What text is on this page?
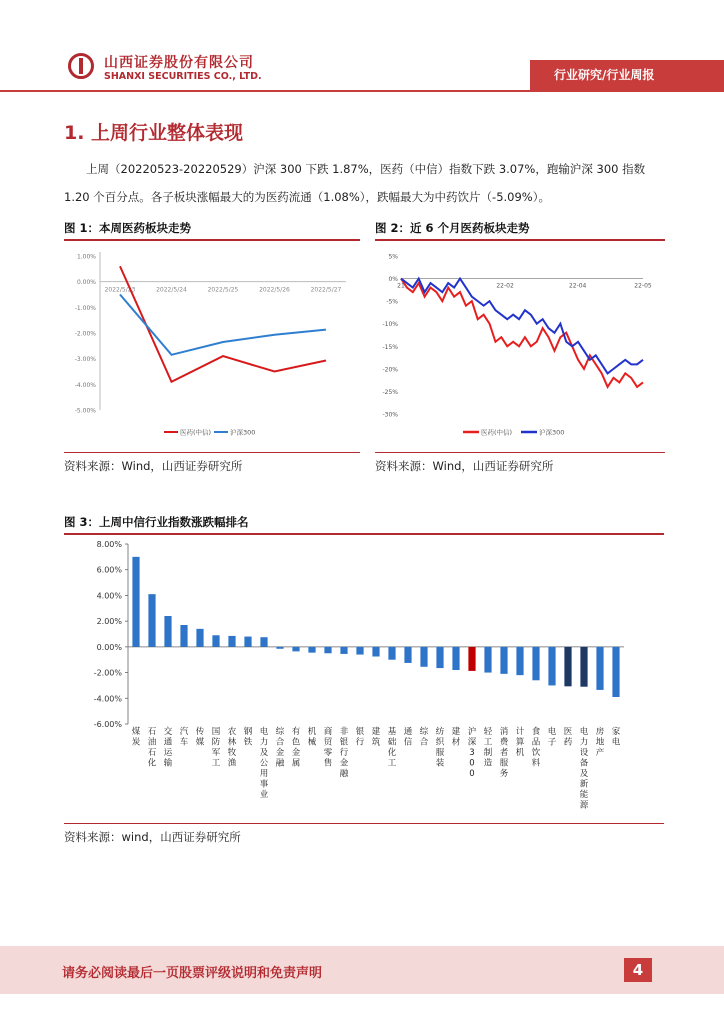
山西证券股份有限公司
SHANXI SECURITIES CO., LTD.	行业研究/行业周报
1. 上周行业整体表现
上周（20220523-20220529）沪深 300 下跌 1.87%，医药（中信）指数下跌 3.07%，跑输沪深 300 指数
1.20 个百分点。各子板块涨幅最大的为医药流通（1.08%），跌幅最大为中药饮片（-5.09%）。
图 1：本周医药板块走势
1.00%
0.00%
-1.00%
-2.00%
-3.00%
-4.00%
-5.00%
2022/5/23	2022/5/24	2022/5/25	2022/5/26	2022/5/27
医药(中信)	沪深300
资料来源：Wind，山西证券研究所
图 2：近 6 个月医药板块走势
5%
0%
-5%
-10%
-15%
-20%
-25%
-30%
21	22-02	22-04	22-05
医药(中信)	沪深300
资料来源：Wind，山西证券研究所
图 3：上周中信行业指数涨跌幅排名
8.00%
6.00%
4.00%
2.00%
0.00%
-2.00%
-4.00%
-6.00%
煤
炭
石
油
石
化
交
通
运
输
汽
车
传
媒
国
防
军
工
农
林
牧
渔
钢
铁
电
力
及
公
用
事
业
综
合
金
融
有
色
金
属
机
械
商
贸
零
售
非
银
行
金
融
银
行
建
筑
基
础
化
工
通
信
综
合
纺
织
服
装
建
材
沪
深
3
0
0
轻
工
制
造
消
费
者
服
务
计
算
机
食
品
饮
料
电
子
医
药
电
力
设
备
及
新
能
源
房
地
产
家
电
资料来源：wind，山西证券研究所
请务必阅读最后一页股票评级说明和免责声明	4
